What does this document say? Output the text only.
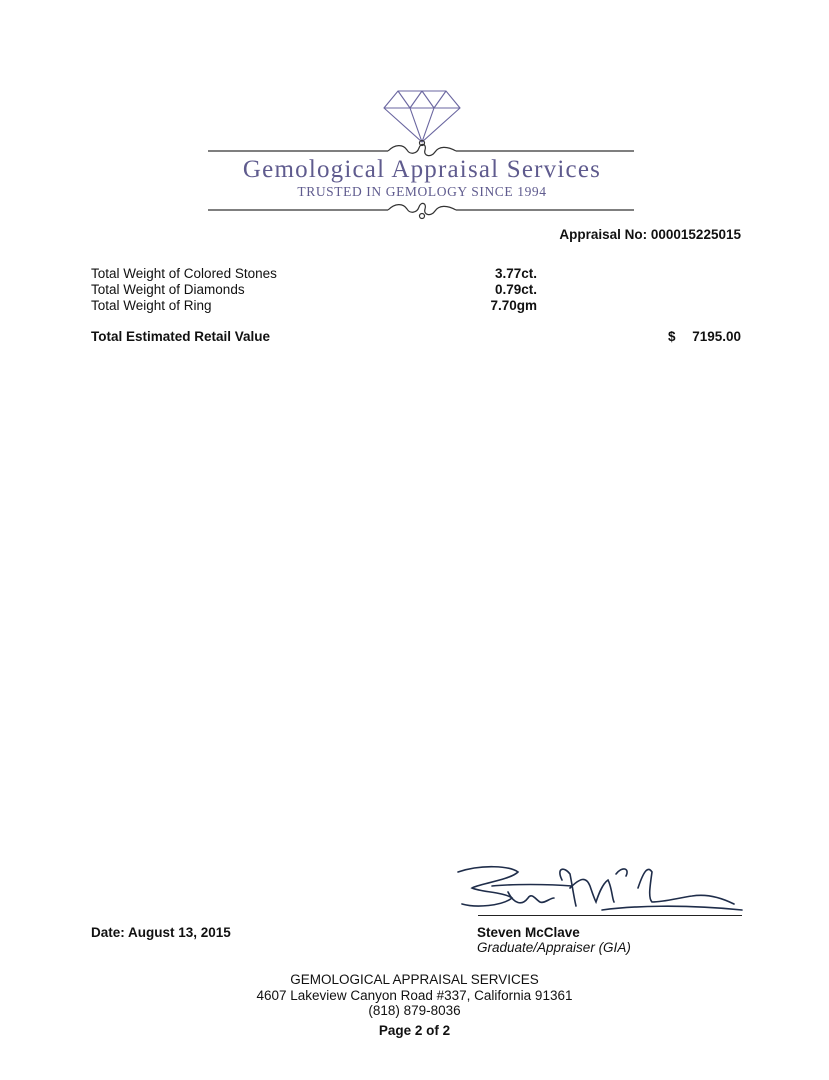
Gemological Appraisal Services
TRUSTED IN GEMOLOGY SINCE 1994
Appraisal No: 000015225015
Total Weight of Colored Stones	3.77ct.
Total Weight of Diamonds	0.79ct.
Total Weight of Ring	7.70gm
Total Estimated Retail Value	$ 7195.00
Date: August 13, 2015	Steven McClave
Graduate/Appraiser (GIA)
GEMOLOGICAL APPRAISAL SERVICES
4607 Lakeview Canyon Road #337, California 91361
(818) 879-8036
Page 2 of 2
